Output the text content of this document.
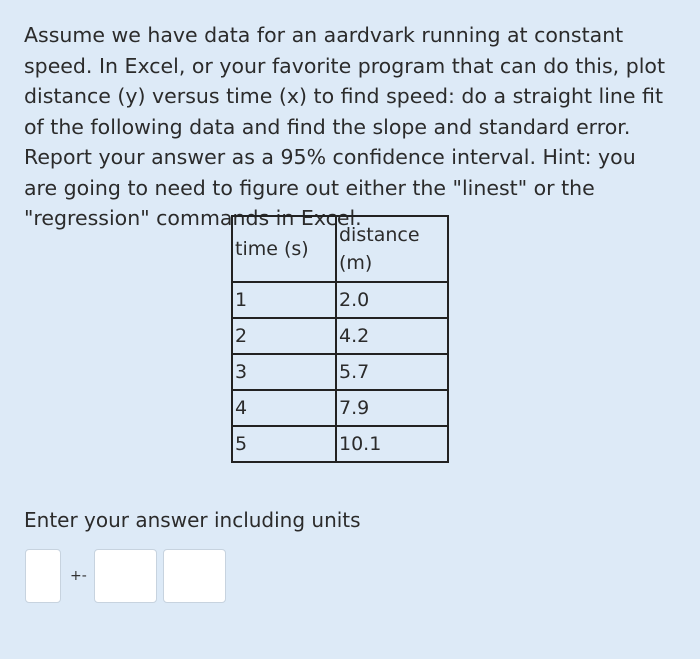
Assume we have data for an aardvark running at constant speed. In Excel, or your favorite program that can do this, plot distance (y) versus time (x) to find speed: do a straight line fit of the following data and find the slope and standard error. Report your answer as a 95% confidence interval. Hint: you are going to need to figure out either the "linest" or the "regression" commands in Excel.

time (s)	distance (m)
1	2.0
2	4.2
3	5.7
4	7.9
5	10.1

Enter your answer including units

+-
